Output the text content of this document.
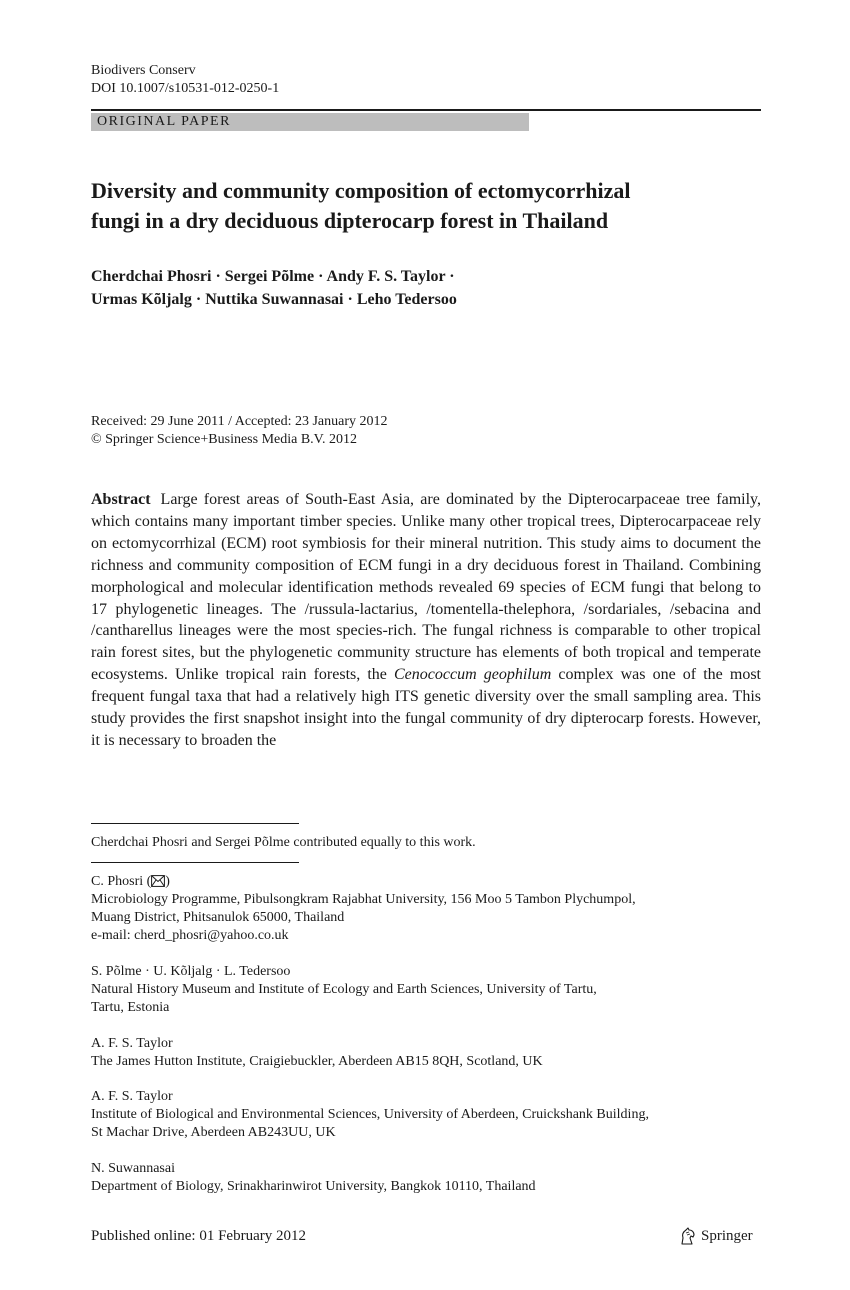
Biodivers Conserv
DOI 10.1007/s10531-012-0250-1
ORIGINAL PAPER
Diversity and community composition of ectomycorrhizal
fungi in a dry deciduous dipterocarp forest in Thailand
Cherdchai Phosri · Sergei Põlme · Andy F. S. Taylor ·
Urmas Kõljalg · Nuttika Suwannasai · Leho Tedersoo
Received: 29 June 2011 / Accepted: 23 January 2012
© Springer Science+Business Media B.V. 2012

Abstract Large forest areas of South-East Asia, are dominated by the Dipterocarpaceae tree family, which contains many important timber species. Unlike many other tropical trees, Dipterocarpaceae rely on ectomycorrhizal (ECM) root symbiosis for their mineral nutrition. This study aims to document the richness and community composition of ECM fungi in a dry deciduous forest in Thailand. Combining morphological and molecular identification methods revealed 69 species of ECM fungi that belong to 17 phylogenetic lineages. The /russula-lactarius, /tomentella-thelephora, /sordariales, /sebacina and /cantharellus lineages were the most species-rich. The fungal richness is comparable to other tropical rain forest sites, but the phylogenetic community structure has elements of both tropical and temperate ecosystems. Unlike tropical rain forests, the Cenococcum geophilum complex was one of the most frequent fungal taxa that had a relatively high ITS genetic diversity over the small sampling area. This study provides the first snapshot insight into the fungal community of dry dipterocarp forests. However, it is necessary to broaden the

Cherdchai Phosri and Sergei Põlme contributed equally to this work.
C. Phosri ( )
Microbiology Programme, Pibulsongkram Rajabhat University, 156 Moo 5 Tambon Plychumpol,
Muang District, Phitsanulok 65000, Thailand
e-mail: cherd_phosri@yahoo.co.uk
S. Põlme · U. Kõljalg · L. Tedersoo
Natural History Museum and Institute of Ecology and Earth Sciences, University of Tartu,
Tartu, Estonia
A. F. S. Taylor
The James Hutton Institute, Craigiebuckler, Aberdeen AB15 8QH, Scotland, UK
A. F. S. Taylor
Institute of Biological and Environmental Sciences, University of Aberdeen, Cruickshank Building,
St Machar Drive, Aberdeen AB243UU, UK
N. Suwannasai
Department of Biology, Srinakharinwirot University, Bangkok 10110, Thailand
Published online: 01 February 2012	Springer
